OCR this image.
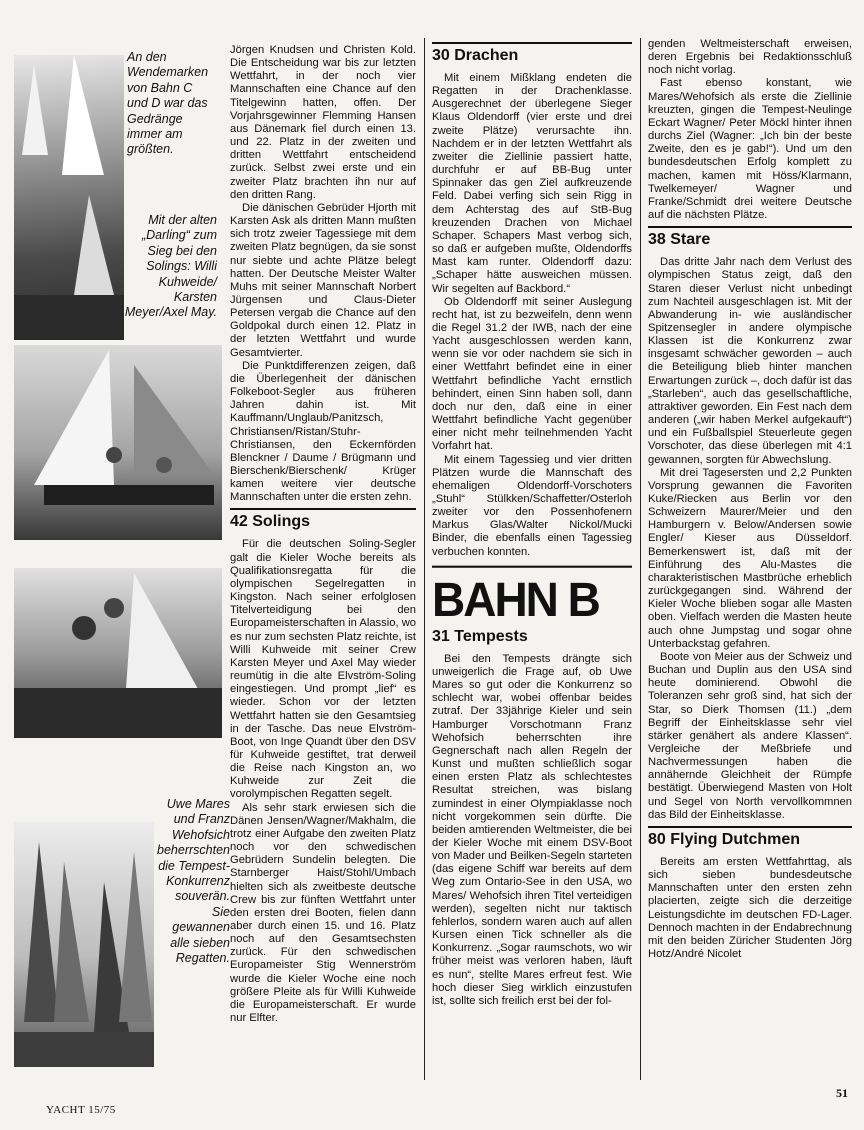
An den Wendemarken von Bahn C und D war das Gedränge immer am größten.

Mit der alten „Darling“ zum Sieg bei den Solings: Willi Kuhweide/ Karsten Meyer/Axel May.

Uwe Mares und Franz Wehofsich beherrschten die Tempest-Konkurrenz souverän. Sie gewannen alle sieben Regatten.

Jörgen Knudsen und Christen Kold. Die Entscheidung war bis zur letzten Wettfahrt, in der noch vier Mannschaften eine Chance auf den Titelgewinn hatten, offen. Der Vorjahrsgewinner Flemming Hansen aus Dänemark fiel durch einen 13. und 22. Platz in der zweiten und dritten Wettfahrt entscheidend zurück. Selbst zwei erste und ein zweiter Platz brachten ihn nur auf den dritten Rang.

Die dänischen Gebrüder Hjorth mit Karsten Ask als dritten Mann mußten sich trotz zweier Tagessiege mit dem zweiten Platz begnügen, da sie sonst nur siebte und achte Plätze belegt hatten. Der Deutsche Meister Walter Muhs mit seiner Mannschaft Norbert Jürgensen und Claus-Dieter Petersen vergab die Chance auf den Goldpokal durch einen 12. Platz in der letzten Wettfahrt und wurde Gesamtvierter.

Die Punktdifferenzen zeigen, daß die Überlegenheit der dänischen Folkeboot-Segler aus früheren Jahren dahin ist. Mit Kauffmann/Unglaub/Panitzsch, Christiansen/Ristan/Stuhr-Christiansen, den Eckernförden Blenckner / Daume / Brügmann und Bierschenk/Bierschenk/ Krüger kamen weitere vier deutsche Mannschaften unter die ersten zehn.

42 Solings

Für die deutschen Soling-Segler galt die Kieler Woche bereits als Qualifikationsregatta für die olympischen Segelregatten in Kingston. Nach seiner erfolglosen Titelverteidigung bei den Europameisterschaften in Alassio, wo es nur zum sechsten Platz reichte, ist Willi Kuhweide mit seiner Crew Karsten Meyer und Axel May wieder reumütig in die alte Elvström-Soling eingestiegen. Und prompt „lief“ es wieder. Schon vor der letzten Wettfahrt hatten sie den Gesamtsieg in der Tasche. Das neue Elvström-Boot, von Inge Quandt über den DSV für Kuhweide gestiftet, trat derweil die Reise nach Kingston an, wo Kuhweide zur Zeit die vorolympischen Regatten segelt.

Als sehr stark erwiesen sich die Dänen Jensen/Wagner/Makhalm, die trotz einer Aufgabe den zweiten Platz noch vor den schwedischen Gebrüdern Sundelin belegten. Die Starnberger Haist/Stohl/Umbach hielten sich als zweitbeste deutsche Crew bis zur fünften Wettfahrt unter den ersten drei Booten, fielen dann aber durch einen 15. und 16. Platz noch auf den Gesamtsechsten zurück. Für den schwedischen Europameister Stig Wennerström wurde die Kieler Woche eine noch größere Pleite als für Willi Kuhweide die Europameisterschaft. Er wurde nur Elfter.

30 Drachen

Mit einem Mißklang endeten die Regatten in der Drachenklasse. Ausgerechnet der überlegene Sieger Klaus Oldendorff (vier erste und drei zweite Plätze) verursachte ihn. Nachdem er in der letzten Wettfahrt als zweiter die Ziellinie passiert hatte, durchfuhr er auf BB-Bug unter Spinnaker das gen Ziel aufkreuzende Feld. Dabei verfing sich sein Rigg in dem Achterstag des auf StB-Bug kreuzenden Drachen von Michael Schaper. Schapers Mast verbog sich, so daß er aufgeben mußte, Oldendorffs Mast kam runter. Oldendorff dazu: „Schaper hätte ausweichen müssen. Wir segelten auf Backbord.“

Ob Oldendorff mit seiner Auslegung recht hat, ist zu bezweifeln, denn wenn die Regel 31.2 der IWB, nach der eine Yacht ausgeschlossen werden kann, wenn sie vor oder nachdem sie sich in einer Wettfahrt befindet eine in einer Wettfahrt befindliche Yacht ernstlich behindert, einen Sinn haben soll, dann doch nur den, daß eine in einer Wettfahrt befindliche Yacht gegenüber einer nicht mehr teilnehmenden Yacht Vorfahrt hat.

Mit einem Tagessieg und vier dritten Plätzen wurde die Mannschaft des ehemaligen Oldendorff-Vorschoters „Stuhl“ Stülkken/Schaffetter/Osterloh zweiter vor den Possenhofenern Markus Glas/Walter Nickol/Mucki Binder, die ebenfalls einen Tagessieg verbuchen konnten.

BAHN B
31 Tempests

Bei den Tempests drängte sich unweigerlich die Frage auf, ob Uwe Mares so gut oder die Konkurrenz so schlecht war, wobei offenbar beides zutraf. Der 33jährige Kieler und sein Hamburger Vorschotmann Franz Wehofsich beherrschten ihre Gegnerschaft nach allen Regeln der Kunst und mußten schließlich sogar einen ersten Platz als schlechtestes Resultat streichen, was bislang zumindest in einer Olympiaklasse noch nicht vorgekommen sein dürfte. Die beiden amtierenden Weltmeister, die bei der Kieler Woche mit einem DSV-Boot von Mader und Beilken-Segeln starteten (das eigene Schiff war bereits auf dem Weg zum Ontario-See in den USA, wo Mares/ Wehofsich ihren Titel verteidigen werden), segelten nicht nur taktisch fehlerlos, sondern waren auch auf allen Kursen einen Tick schneller als die Konkurrenz. „Sogar raumschots, wo wir früher meist was verloren haben, läuft es nun“, stellte Mares erfreut fest. Wie hoch dieser Sieg wirklich einzustufen ist, sollte sich freilich erst bei der fol-

genden Weltmeisterschaft erweisen, deren Ergebnis bei Redaktionsschluß noch nicht vorlag.

Fast ebenso konstant, wie Mares/Wehofsich als erste die Ziellinie kreuzten, gingen die Tempest-Neulinge Eckart Wagner/ Peter Möckl hinter ihnen durchs Ziel (Wagner: „Ich bin der beste Zweite, den es je gab!“). Und um den bundesdeutschen Erfolg komplett zu machen, kamen mit Höss/Klarmann, Twelkemeyer/ Wagner und Franke/Schmidt drei weitere Deutsche auf die nächsten Plätze.

38 Stare

Das dritte Jahr nach dem Verlust des olympischen Status zeigt, daß den Staren dieser Verlust nicht unbedingt zum Nachteil ausgeschlagen ist. Mit der Abwanderung in- wie ausländischer Spitzensegler in andere olympische Klassen ist die Konkurrenz zwar insgesamt schwächer geworden – auch die Beteiligung blieb hinter manchen Erwartungen zurück –, doch dafür ist das „Starleben“, auch das gesellschaftliche, attraktiver geworden. Ein Fest nach dem anderen („wir haben Merkel aufgekauft“) und ein Fußballspiel Steuerleute gegen Vorschoter, das diese überlegen mit 4:1 gewannen, sorgten für Abwechslung.

Mit drei Tagesersten und 2,2 Punkten Vorsprung gewannen die Favoriten Kuke/Riecken aus Berlin vor den Schweizern Maurer/Meier und den Hamburgern v. Below/Andersen sowie Engler/ Kieser aus Düsseldorf. Bemerkenswert ist, daß mit der Einführung des Alu-Mastes die charakteristischen Mastbrüche erheblich zurückgegangen sind. Während der Kieler Woche blieben sogar alle Masten oben. Vielfach werden die Masten heute auch ohne Jumpstag und sogar ohne Unterbackstag gefahren.

Boote von Meier aus der Schweiz und Buchan und Duplin aus den USA sind heute dominierend. Obwohl die Toleranzen sehr groß sind, hat sich der Star, so Dierk Thomsen (11.) „dem Begriff der Einheitsklasse sehr viel stärker genähert als andere Klassen“. Vergleiche der Meßbriefe und Nachvermessungen haben die annähernde Gleichheit der Rümpfe bestätigt. Überwiegend Masten von Holt und Segel von North vervollkommnen das Bild der Einheitsklasse.

80 Flying Dutchmen

Bereits am ersten Wettfahrttag, als sich sieben bundesdeutsche Mannschaften unter den ersten zehn placierten, zeigte sich die derzeitige Leistungsdichte im deutschen FD-Lager. Dennoch machten in der Endabrechnung mit den beiden Züricher Studenten Jörg Hotz/André Nicolet

YACHT 15/75
51
